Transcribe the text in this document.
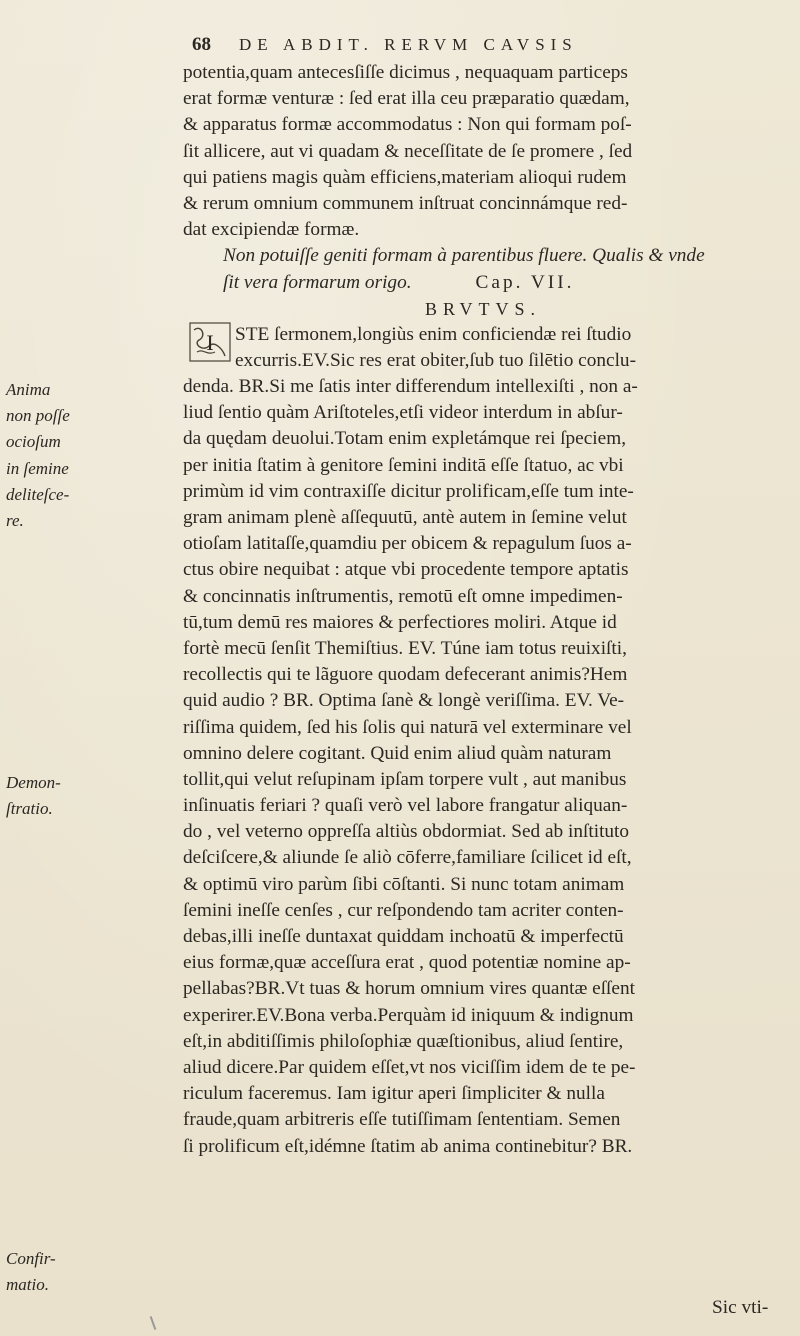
68 DE ABDIT. RERVM CAVSIS
potentia,quam antecesſiſſe dicimus , nequaquam particeps
erat formæ venturæ : ſed erat illa ceu præparatio quædam,
& apparatus formæ accommodatus : Non qui formam poſ-
ſit allicere, aut vi quadam & neceſſitate de ſe promere , ſed
qui patiens magis quàm efficiens,materiam alioqui rudem
& rerum omnium communem inſtruat concinnámque red-
dat excipiendæ formæ.
Non potuiſſe geniti formam à parentibus fluere. Qualis & vnde
ſit vera formarum origo.	Cap. VII.
BRVTVS.
I	STE ſermonem,longiùs enim conficiendæ rei ſtudio
excurris.EV.Sic res erat obiter,ſub tuo ſilētio conclu-
denda. BR.Si me ſatis inter differendum intellexiſti , non a-
liud ſentio quàm Ariſtoteles,etſi videor interdum in abſur-
da quędam deuolui.Totam enim expletámque rei ſpeciem,
per initia ſtatim à genitore ſemini inditā eſſe ſtatuo, ac vbi
primùm id vim contraxiſſe dicitur prolificam,eſſe tum inte-
gram animam plenè aſſequutū, antè autem in ſemine velut
otioſam latitaſſe,quamdiu per obicem & repagulum ſuos a-
ctus obire nequibat : atque vbi procedente tempore aptatis
& concinnatis inſtrumentis, remotū eſt omne impedimen-
tū,tum demū res maiores & perfectiores moliri. Atque id
fortè mecū ſenſit Themiſtius. EV. Túne iam totus reuixiſti,
recollectis qui te lãguore quodam defecerant animis?Hem
quid audio ? BR. Optima ſanè & longè veriſſima. EV. Ve-
riſſima quidem, ſed his ſolis qui naturā vel exterminare vel
omnino delere cogitant. Quid enim aliud quàm naturam
tollit,qui velut reſupinam ipſam torpere vult , aut manibus
inſinuatis feriari ? quaſi verò vel labore frangatur aliquan-
do , vel veterno oppreſſa altiùs obdormiat. Sed ab inſtituto
deſciſcere,& aliunde ſe aliò cōferre,familiare ſcilicet id eſt,
& optimū viro parùm ſibi cōſtanti. Si nunc totam animam
ſemini ineſſe cenſes , cur reſpondendo tam acriter conten-
debas,illi ineſſe duntaxat quiddam inchoatū & imperfectū
eius formæ,quæ acceſſura erat , quod potentiæ nomine ap-
pellabas?BR.Vt tuas & horum omnium vires quantæ eſſent
experirer.EV.Bona verba.Perquàm id iniquum & indignum
eſt,in abditiſſimis philoſophiæ quæſtionibus, aliud ſentire,
aliud dicere.Par quidem eſſet,vt nos viciſſim idem de te pe-
riculum faceremus. Iam igitur aperi ſimpliciter & nulla
fraude,quam arbitreris eſſe tutiſſimam ſententiam. Semen
ſi prolificum eſt,idémne ſtatim ab anima continebitur? BR.
Anima
non poſſe
ocioſum
in ſemine
deliteſce-
re.
Demon-
ſtratio.
Confir-
matio.
Sic vti-
